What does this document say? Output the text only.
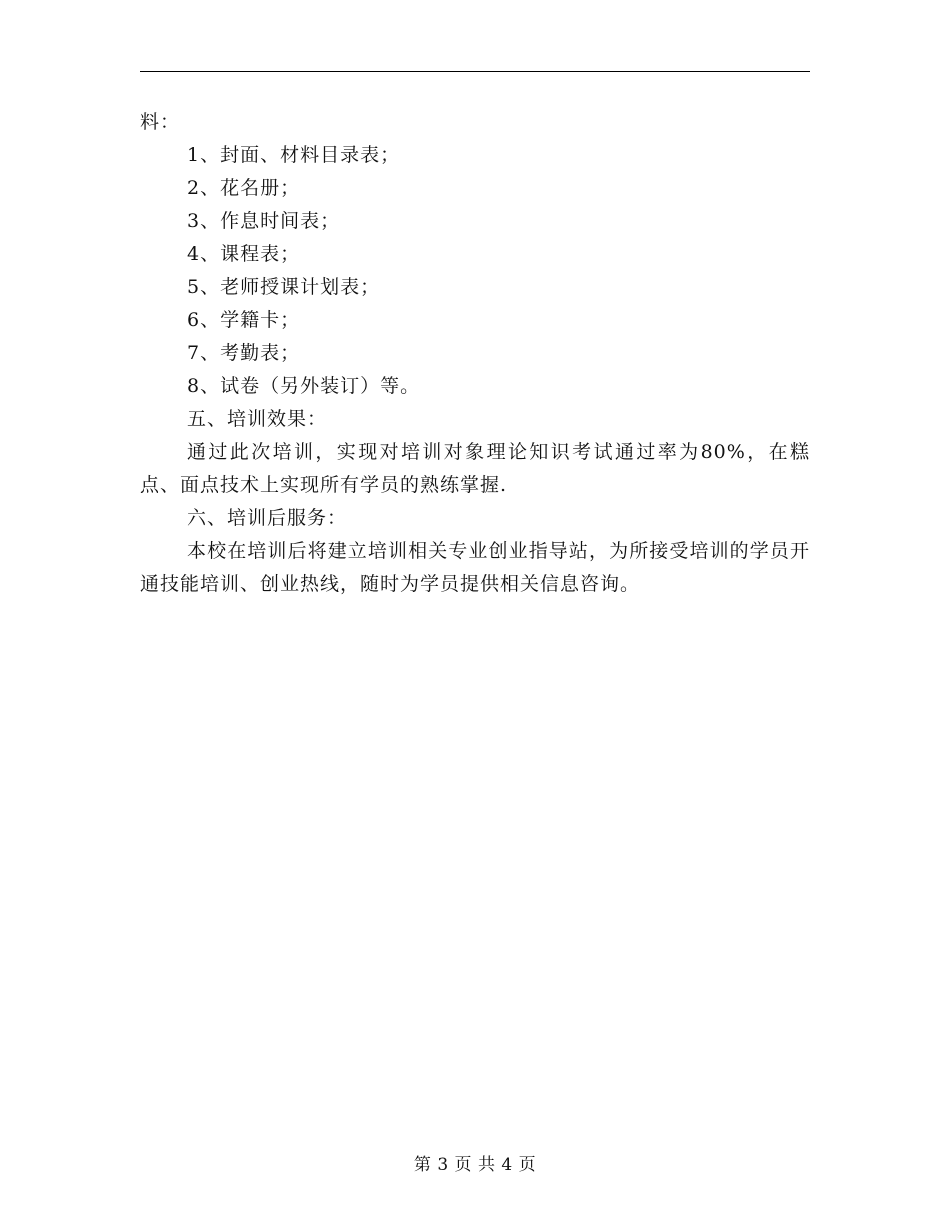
料：

1、封面、材料目录表；

2、花名册；

3、作息时间表；

4、课程表；

5、老师授课计划表；

6、学籍卡；

7、考勤表；

8、试卷（另外装订）等。

五、培训效果：

通过此次培训，实现对培训对象理论知识考试通过率为80%，在糕点、面点技术上实现所有学员的熟练掌握.

六、培训后服务：

本校在培训后将建立培训相关专业创业指导站，为所接受培训的学员开通技能培训、创业热线，随时为学员提供相关信息咨询。

第 3 页 共 4 页
